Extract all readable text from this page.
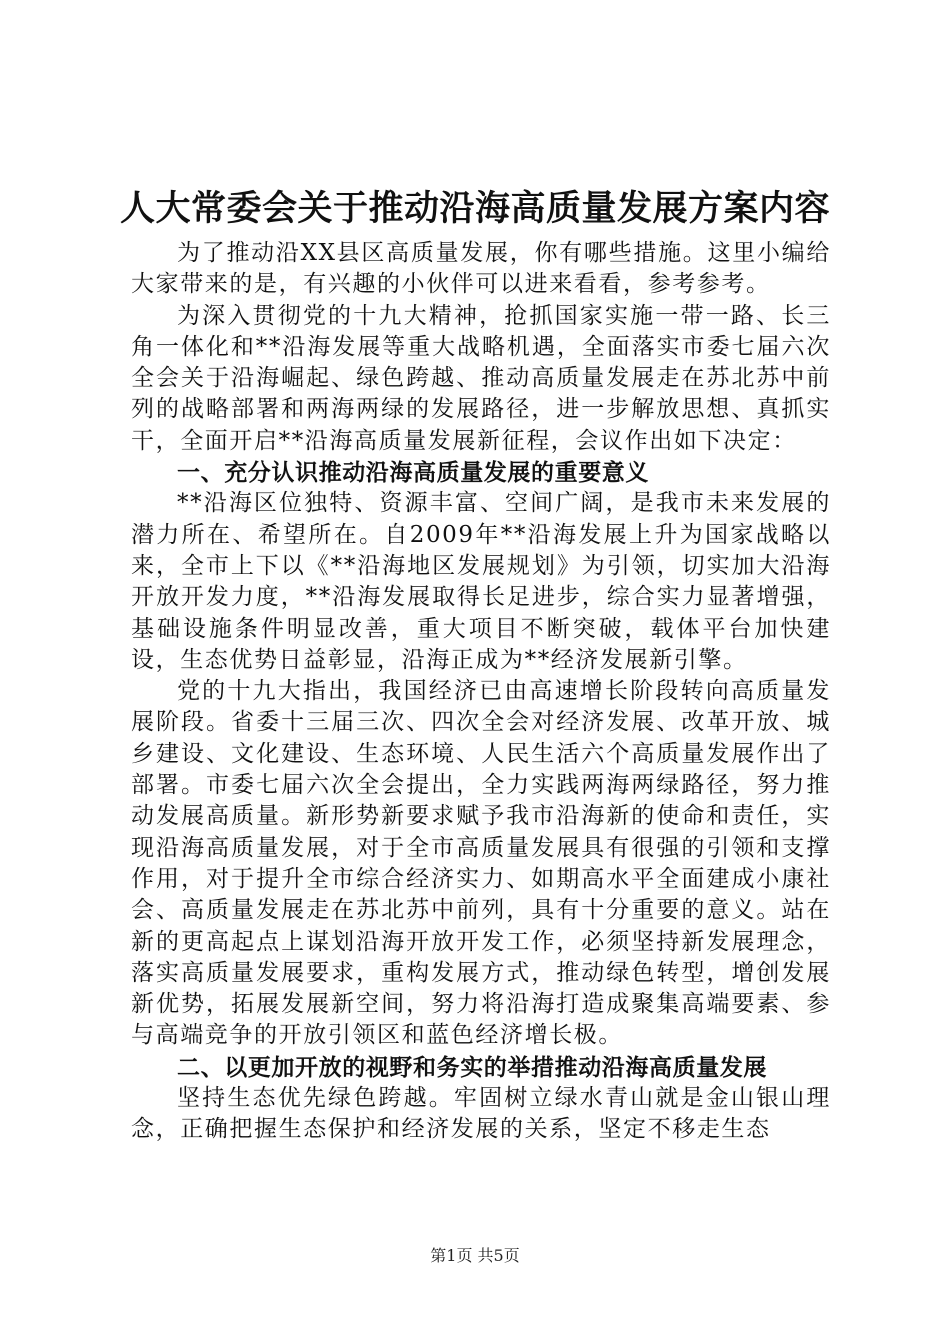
人大常委会关于推动沿海高质量发展方案内容

为了推动沿XX县区高质量发展，你有哪些措施。这里小编给大家带来的是，有兴趣的小伙伴可以进来看看，参考参考。

为深入贯彻党的十九大精神，抢抓国家实施一带一路、长三角一体化和**沿海发展等重大战略机遇，全面落实市委七届六次全会关于沿海崛起、绿色跨越、推动高质量发展走在苏北苏中前列的战略部署和两海两绿的发展路径，进一步解放思想、真抓实干，全面开启**沿海高质量发展新征程，会议作出如下决定：

一、充分认识推动沿海高质量发展的重要意义

**沿海区位独特、资源丰富、空间广阔，是我市未来发展的潜力所在、希望所在。自2009年**沿海发展上升为国家战略以来，全市上下以《**沿海地区发展规划》为引领，切实加大沿海开放开发力度，**沿海发展取得长足进步，综合实力显著增强，基础设施条件明显改善，重大项目不断突破，载体平台加快建设，生态优势日益彰显，沿海正成为**经济发展新引擎。

党的十九大指出，我国经济已由高速增长阶段转向高质量发展阶段。省委十三届三次、四次全会对经济发展、改革开放、城乡建设、文化建设、生态环境、人民生活六个高质量发展作出了部署。市委七届六次全会提出，全力实践两海两绿路径，努力推动发展高质量。新形势新要求赋予我市沿海新的使命和责任，实现沿海高质量发展，对于全市高质量发展具有很强的引领和支撑作用，对于提升全市综合经济实力、如期高水平全面建成小康社会、高质量发展走在苏北苏中前列，具有十分重要的意义。站在新的更高起点上谋划沿海开放开发工作，必须坚持新发展理念，落实高质量发展要求，重构发展方式，推动绿色转型，增创发展新优势，拓展发展新空间，努力将沿海打造成聚集高端要素、参与高端竞争的开放引领区和蓝色经济增长极。

二、以更加开放的视野和务实的举措推动沿海高质量发展

坚持生态优先绿色跨越。牢固树立绿水青山就是金山银山理念，正确把握生态保护和经济发展的关系，坚定不移走生态

第1页 共5页
